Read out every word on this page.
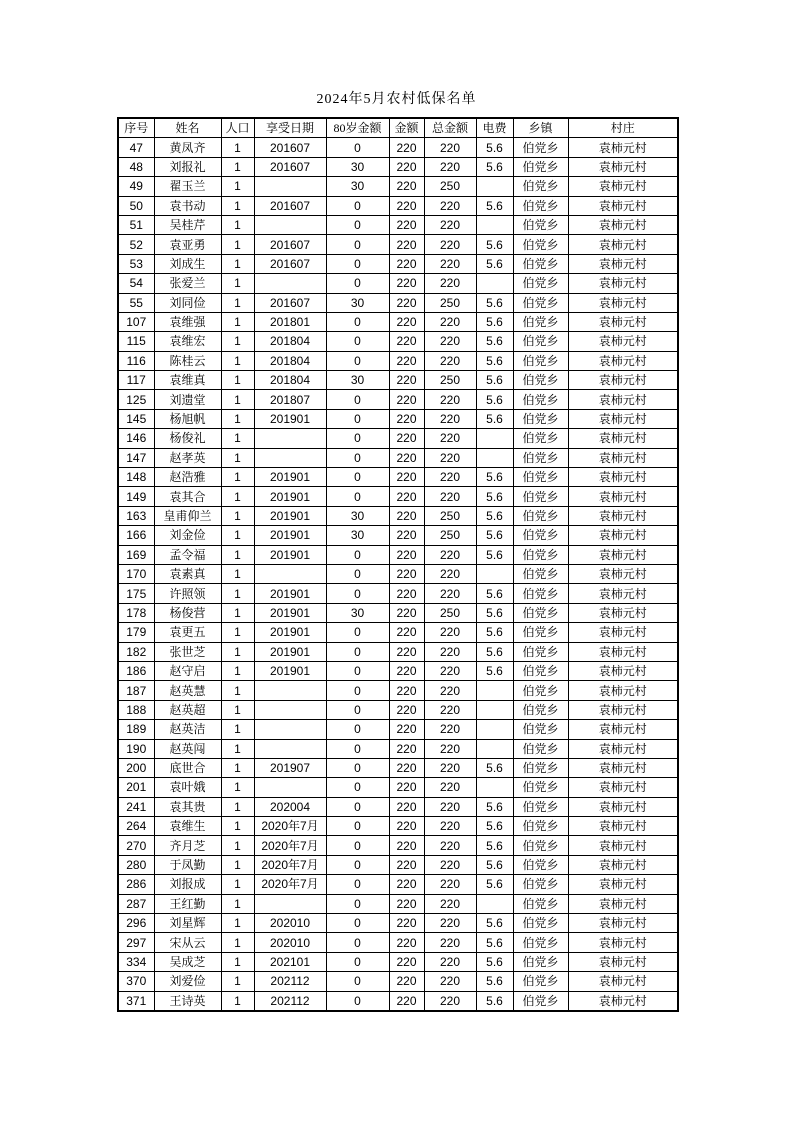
2024年5月农村低保名单
序号	姓名	人口	享受日期	80岁金额	金额	总金额	电费	乡镇	村庄
47	黄凤齐	1	201607	0	220	220	5.6	伯党乡	袁柿元村
48	刘报礼	1	201607	30	220	220	5.6	伯党乡	袁柿元村
49	翟玉兰	1		30	220	250		伯党乡	袁柿元村
50	袁书动	1	201607	0	220	220	5.6	伯党乡	袁柿元村
51	吴桂芹	1		0	220	220		伯党乡	袁柿元村
52	袁亚勇	1	201607	0	220	220	5.6	伯党乡	袁柿元村
53	刘成生	1	201607	0	220	220	5.6	伯党乡	袁柿元村
54	张爱兰	1		0	220	220		伯党乡	袁柿元村
55	刘同俭	1	201607	30	220	250	5.6	伯党乡	袁柿元村
107	袁维强	1	201801	0	220	220	5.6	伯党乡	袁柿元村
115	袁维宏	1	201804	0	220	220	5.6	伯党乡	袁柿元村
116	陈桂云	1	201804	0	220	220	5.6	伯党乡	袁柿元村
117	袁维真	1	201804	30	220	250	5.6	伯党乡	袁柿元村
125	刘遗堂	1	201807	0	220	220	5.6	伯党乡	袁柿元村
145	杨旭帆	1	201901	0	220	220	5.6	伯党乡	袁柿元村
146	杨俊礼	1		0	220	220		伯党乡	袁柿元村
147	赵孝英	1		0	220	220		伯党乡	袁柿元村
148	赵浩雅	1	201901	0	220	220	5.6	伯党乡	袁柿元村
149	袁其合	1	201901	0	220	220	5.6	伯党乡	袁柿元村
163	皇甫仰兰	1	201901	30	220	250	5.6	伯党乡	袁柿元村
166	刘金俭	1	201901	30	220	250	5.6	伯党乡	袁柿元村
169	孟令福	1	201901	0	220	220	5.6	伯党乡	袁柿元村
170	袁素真	1		0	220	220		伯党乡	袁柿元村
175	许照领	1	201901	0	220	220	5.6	伯党乡	袁柿元村
178	杨俊营	1	201901	30	220	250	5.6	伯党乡	袁柿元村
179	袁更五	1	201901	0	220	220	5.6	伯党乡	袁柿元村
182	张世芝	1	201901	0	220	220	5.6	伯党乡	袁柿元村
186	赵守启	1	201901	0	220	220	5.6	伯党乡	袁柿元村
187	赵英慧	1		0	220	220		伯党乡	袁柿元村
188	赵英超	1		0	220	220		伯党乡	袁柿元村
189	赵英洁	1		0	220	220		伯党乡	袁柿元村
190	赵英闯	1		0	220	220		伯党乡	袁柿元村
200	底世合	1	201907	0	220	220	5.6	伯党乡	袁柿元村
201	袁叶娥	1		0	220	220		伯党乡	袁柿元村
241	袁其贵	1	202004	0	220	220	5.6	伯党乡	袁柿元村
264	袁维生	1	2020年7月	0	220	220	5.6	伯党乡	袁柿元村
270	齐月芝	1	2020年7月	0	220	220	5.6	伯党乡	袁柿元村
280	于凤勤	1	2020年7月	0	220	220	5.6	伯党乡	袁柿元村
286	刘报成	1	2020年7月	0	220	220	5.6	伯党乡	袁柿元村
287	王红勤	1		0	220	220		伯党乡	袁柿元村
296	刘星辉	1	202010	0	220	220	5.6	伯党乡	袁柿元村
297	宋从云	1	202010	0	220	220	5.6	伯党乡	袁柿元村
334	吴成芝	1	202101	0	220	220	5.6	伯党乡	袁柿元村
370	刘爱俭	1	202112	0	220	220	5.6	伯党乡	袁柿元村
371	王诗英	1	202112	0	220	220	5.6	伯党乡	袁柿元村
